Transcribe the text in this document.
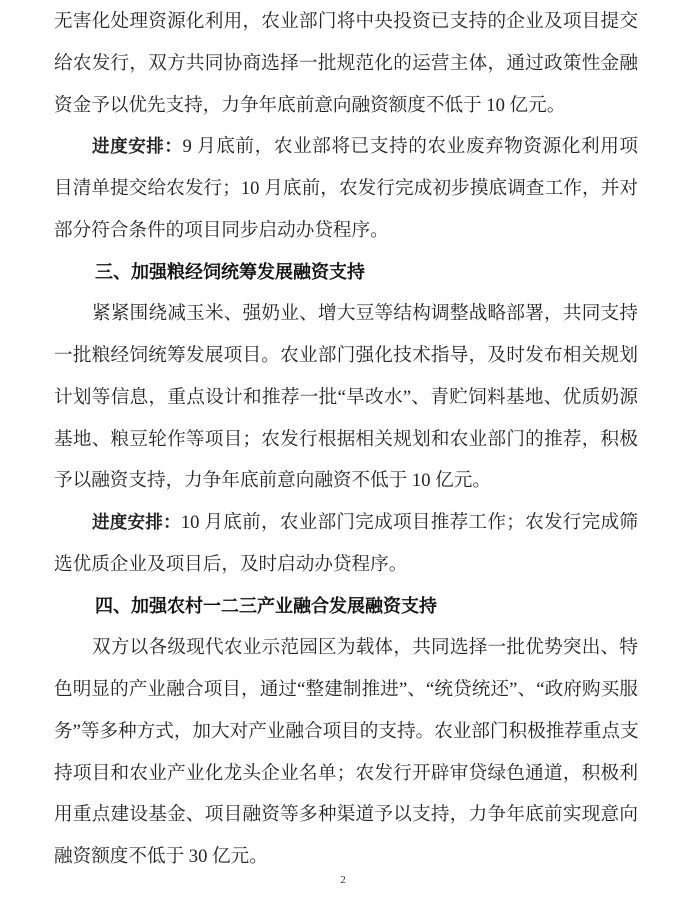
无害化处理资源化利用，农业部门将中央投资已支持的企业及项目提交
给农发行，双方共同协商选择一批规范化的运营主体，通过政策性金融
资金予以优先支持，力争年底前意向融资额度不低于 10 亿元。
进度安排：9 月底前，农业部将已支持的农业废弃物资源化利用项
目清单提交给农发行；10 月底前，农发行完成初步摸底调查工作，并对
部分符合条件的项目同步启动办贷程序。
三、加强粮经饲统筹发展融资支持
紧紧围绕减玉米、强奶业、增大豆等结构调整战略部署，共同支持
一批粮经饲统筹发展项目。农业部门强化技术指导，及时发布相关规划
计划等信息，重点设计和推荐一批“旱改水”、青贮饲料基地、优质奶源
基地、粮豆轮作等项目；农发行根据相关规划和农业部门的推荐，积极
予以融资支持，力争年底前意向融资不低于 10 亿元。
进度安排：10 月底前，农业部门完成项目推荐工作；农发行完成筛
选优质企业及项目后，及时启动办贷程序。
四、加强农村一二三产业融合发展融资支持
双方以各级现代农业示范园区为载体，共同选择一批优势突出、特
色明显的产业融合项目，通过“整建制推进”、“统贷统还”、“政府购买服
务”等多种方式，加大对产业融合项目的支持。农业部门积极推荐重点支
持项目和农业产业化龙头企业名单；农发行开辟审贷绿色通道，积极利
用重点建设基金、项目融资等多种渠道予以支持，力争年底前实现意向
融资额度不低于 30 亿元。
2
